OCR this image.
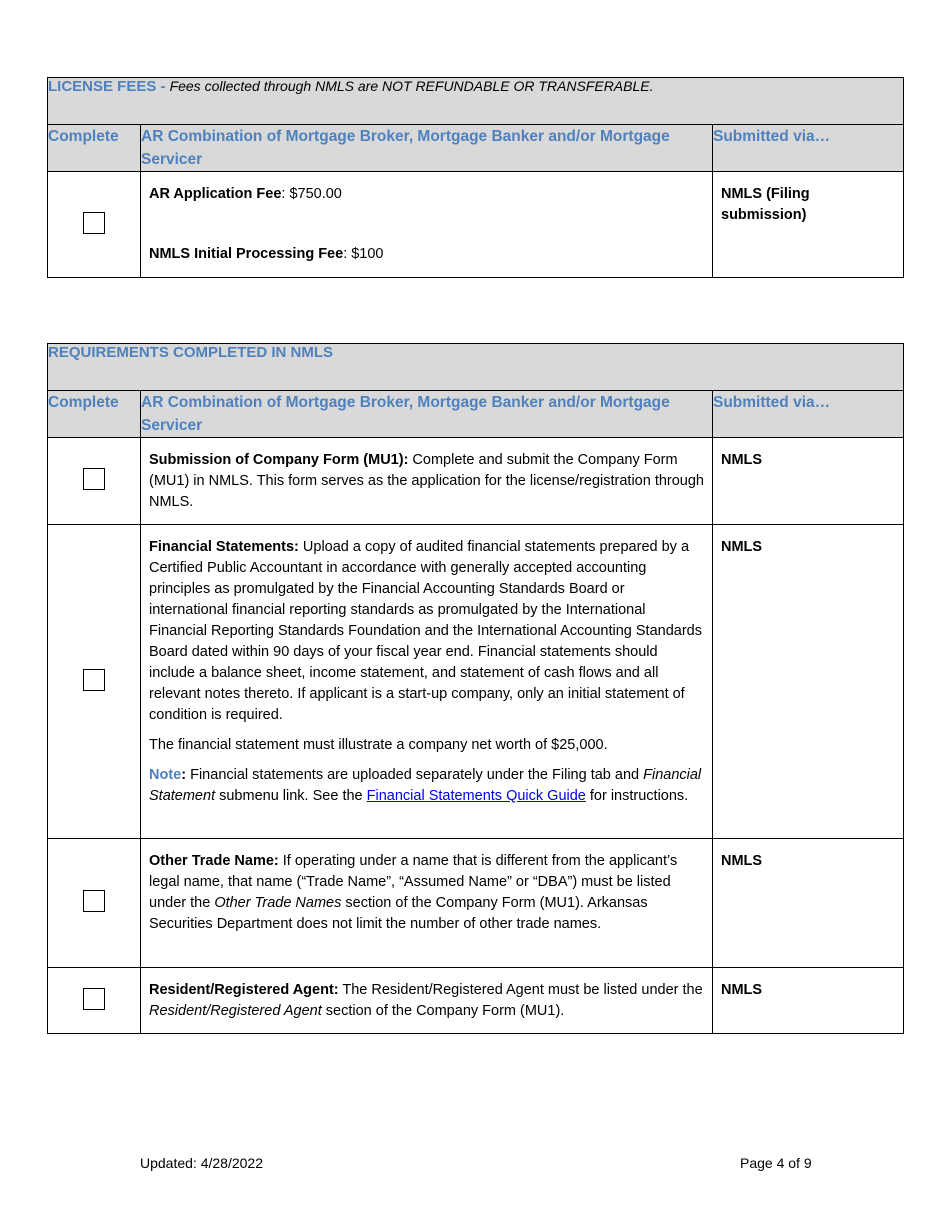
LICENSE FEES - Fees collected through NMLS are NOT REFUNDABLE OR TRANSFERABLE.		
Complete	AR Combination of Mortgage Broker, Mortgage Banker and/or Mortgage Servicer	Submitted via…

	AR Application Fee: $750.00
NMLS Initial Processing Fee: $100	NMLS (Filing submission)
REQUIREMENTS COMPLETED IN NMLS		
Complete	AR Combination of Mortgage Broker, Mortgage Banker and/or Mortgage Servicer	Submitted via…
	Submission of Company Form (MU1): Complete and submit the Company Form (MU1) in NMLS. This form serves as the application for the license/registration through NMLS.	NMLS

	Financial Statements: Upload a copy of audited financial statements prepared by a Certified Public Accountant in accordance with generally accepted accounting principles as promulgated by the Financial Accounting Standards Board or international financial reporting standards as promulgated by the International Financial Reporting Standards Foundation and the International Accounting Standards Board dated within 90 days of your fiscal year end. Financial statements should include a balance sheet, income statement, and statement of cash flows and all relevant notes thereto. If applicant is a start-up company, only an initial statement of condition is required.

The financial statement must illustrate a company net worth of $25,000.

Note: Financial statements are uploaded separately under the Filing tab and Financial Statement submenu link. See the Financial Statements Quick Guide for instructions.	NMLS
	Other Trade Name: If operating under a name that is different from the applicant’s legal name, that name (“Trade Name”, “Assumed Name” or “DBA”) must be listed under the Other Trade Names section of the Company Form (MU1). Arkansas Securities Department does not limit the number of other trade names.	NMLS
	Resident/Registered Agent: The Resident/Registered Agent must be listed under the Resident/Registered Agent section of the Company Form (MU1).	NMLS
Updated: 4/28/2022	Page 4 of 9
